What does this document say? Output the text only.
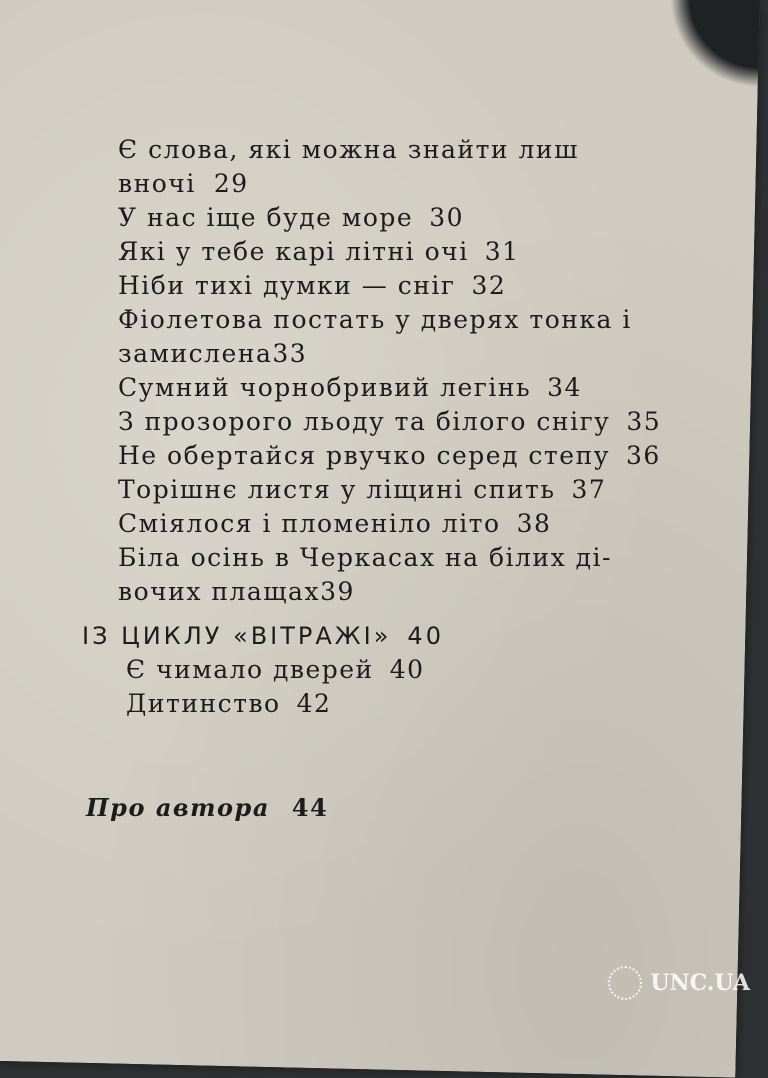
Є слова, які можна знайти лиш
вночі 29
У нас іще буде море 30
Які у тебе карі літні очі 31
Ніби тихі думки — сніг 32
Фіолетова постать у дверях тонка і
замислена33
Сумний чорнобривий легінь 34
З прозорого льоду та білого снігу 35
Не обертайся рвучко серед степу 36
Торішнє листя у ліщині спить 37
Сміялося і пломеніло літо 38
Біла осінь в Черкасах на білих ді-
вочих плащах39
ІЗ ЦИКЛУ «ВІТРАЖІ» 40
Є чимало дверей 40
Дитинство 42
Про автора 44
UNC.UA
